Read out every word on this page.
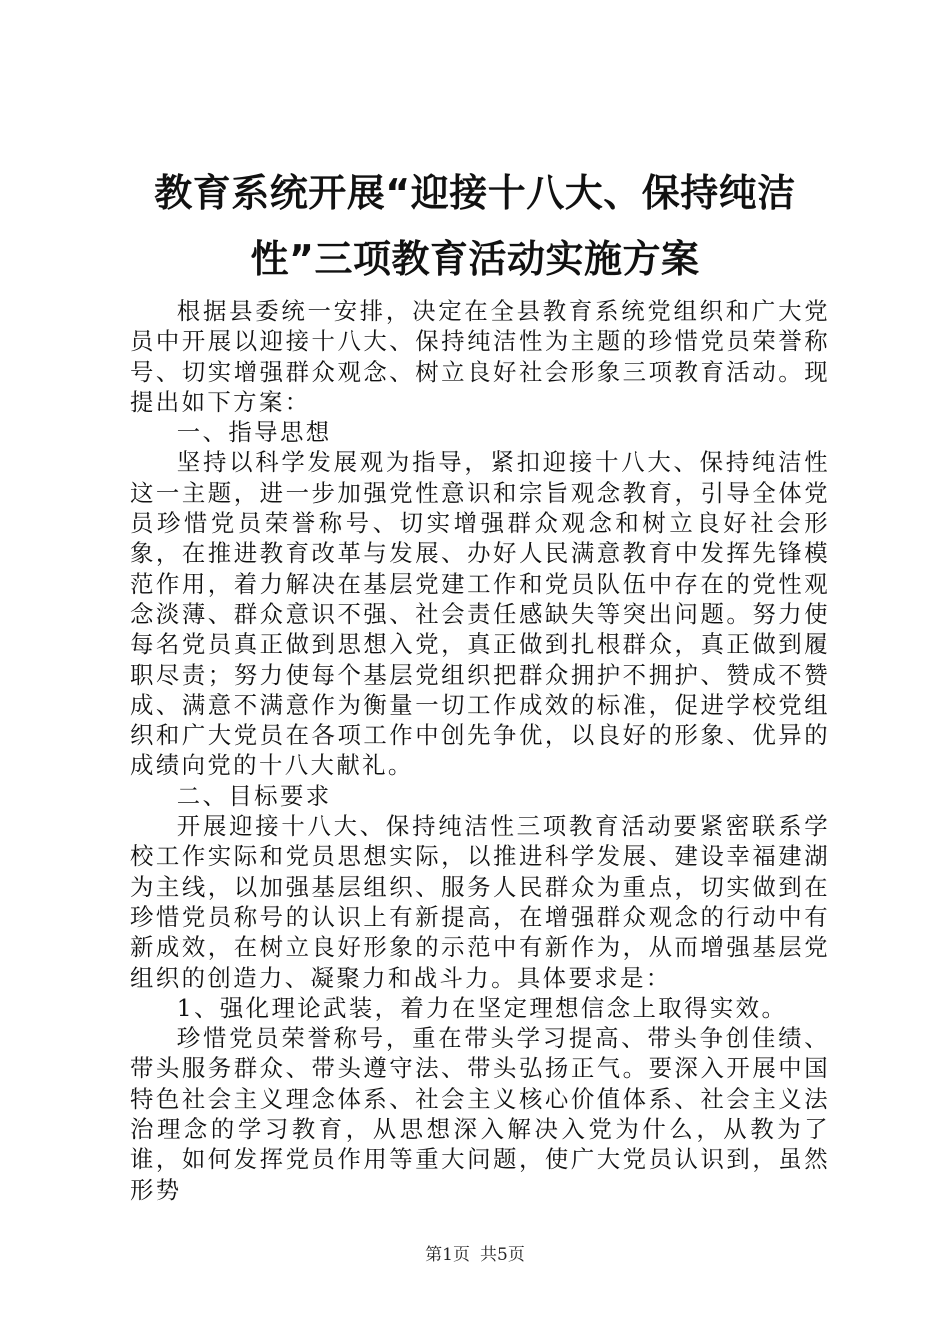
教育系统开展“迎接十八大、保持纯洁性”三项教育活动实施方案

根据县委统一安排，决定在全县教育系统党组织和广大党员中开展以迎接十八大、保持纯洁性为主题的珍惜党员荣誉称号、切实增强群众观念、树立良好社会形象三项教育活动。现提出如下方案：

一、指导思想

坚持以科学发展观为指导，紧扣迎接十八大、保持纯洁性这一主题，进一步加强党性意识和宗旨观念教育，引导全体党员珍惜党员荣誉称号、切实增强群众观念和树立良好社会形象，在推进教育改革与发展、办好人民满意教育中发挥先锋模范作用，着力解决在基层党建工作和党员队伍中存在的党性观念淡薄、群众意识不强、社会责任感缺失等突出问题。努力使每名党员真正做到思想入党，真正做到扎根群众，真正做到履职尽责；努力使每个基层党组织把群众拥护不拥护、赞成不赞成、满意不满意作为衡量一切工作成效的标准，促进学校党组织和广大党员在各项工作中创先争优，以良好的形象、优异的成绩向党的十八大献礼。

二、目标要求

开展迎接十八大、保持纯洁性三项教育活动要紧密联系学校工作实际和党员思想实际，以推进科学发展、建设幸福建湖为主线，以加强基层组织、服务人民群众为重点，切实做到在珍惜党员称号的认识上有新提高，在增强群众观念的行动中有新成效，在树立良好形象的示范中有新作为，从而增强基层党组织的创造力、凝聚力和战斗力。具体要求是：

1、强化理论武装，着力在坚定理想信念上取得实效。

珍惜党员荣誉称号，重在带头学习提高、带头争创佳绩、带头服务群众、带头遵守法、带头弘扬正气。要深入开展中国特色社会主义理念体系、社会主义核心价值体系、社会主义法治理念的学习教育，从思想深入解决入党为什么，从教为了谁，如何发挥党员作用等重大问题，使广大党员认识到，虽然形势

第1页 共5页
